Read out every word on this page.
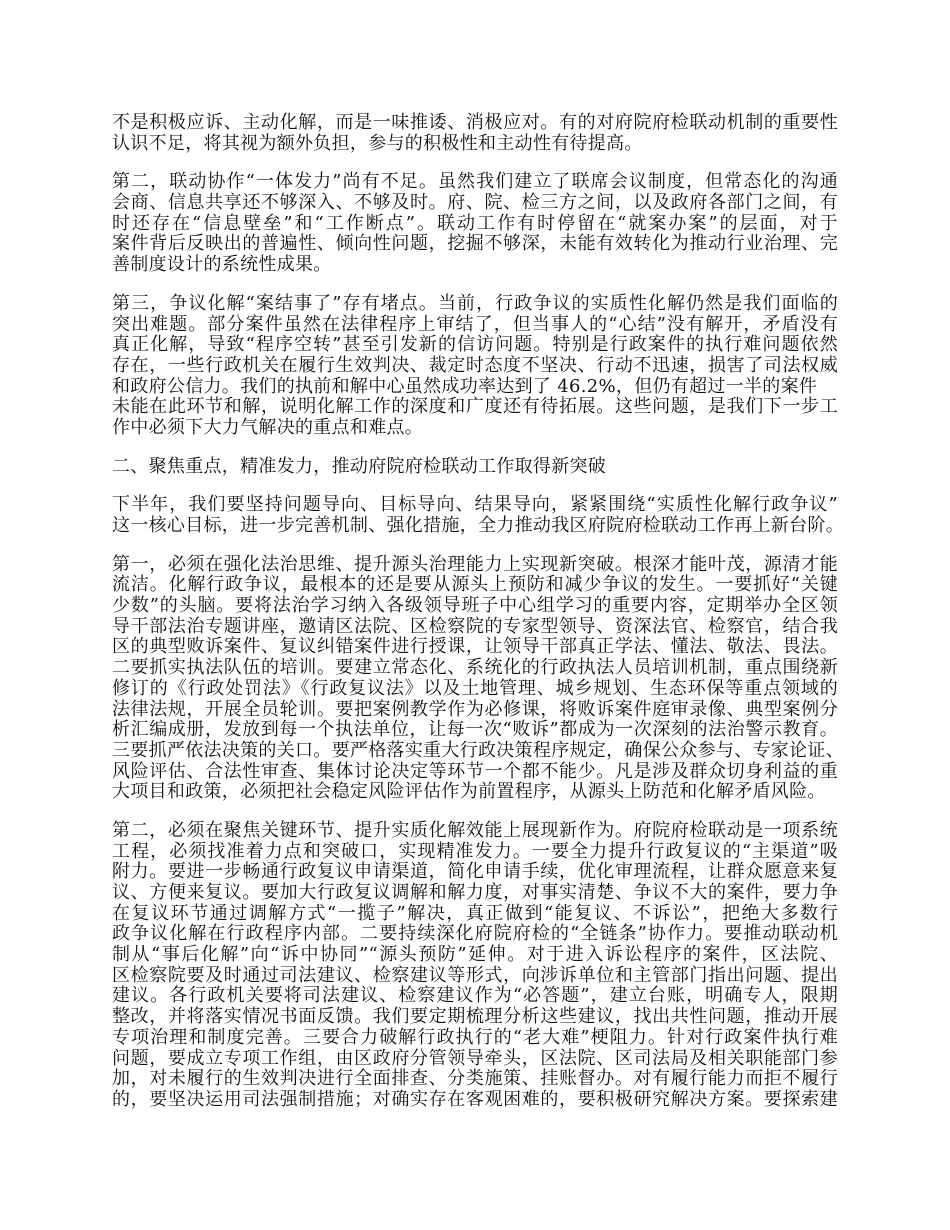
不是积极应诉、主动化解，而是一味推诿、消极应对。有的对府院府检联动机制的重要性
认识不足，将其视为额外负担，参与的积极性和主动性有待提高。
第二，联动协作“一体发力”尚有不足。虽然我们建立了联席会议制度，但常态化的沟通
会商、信息共享还不够深入、不够及时。府、院、检三方之间，以及政府各部门之间，有
时还存在“信息壁垒”和“工作断点”。联动工作有时停留在“就案办案”的层面，对于
案件背后反映出的普遍性、倾向性问题，挖掘不够深，未能有效转化为推动行业治理、完
善制度设计的系统性成果。
第三，争议化解“案结事了”存有堵点。当前，行政争议的实质性化解仍然是我们面临的
突出难题。部分案件虽然在法律程序上审结了，但当事人的“心结”没有解开，矛盾没有
真正化解，导致“程序空转”甚至引发新的信访问题。特别是行政案件的执行难问题依然
存在，一些行政机关在履行生效判决、裁定时态度不坚决、行动不迅速，损害了司法权威
和政府公信力。我们的执前和解中心虽然成功率达到了 46.2%，但仍有超过一半的案件
未能在此环节和解，说明化解工作的深度和广度还有待拓展。这些问题，是我们下一步工
作中必须下大力气解决的重点和难点。
二、聚焦重点，精准发力，推动府院府检联动工作取得新突破
下半年，我们要坚持问题导向、目标导向、结果导向，紧紧围绕“实质性化解行政争议”
这一核心目标，进一步完善机制、强化措施，全力推动我区府院府检联动工作再上新台阶。
第一，必须在强化法治思维、提升源头治理能力上实现新突破。根深才能叶茂，源清才能
流洁。化解行政争议，最根本的还是要从源头上预防和减少争议的发生。一要抓好“关键
少数”的头脑。要将法治学习纳入各级领导班子中心组学习的重要内容，定期举办全区领
导干部法治专题讲座，邀请区法院、区检察院的专家型领导、资深法官、检察官，结合我
区的典型败诉案件、复议纠错案件进行授课，让领导干部真正学法、懂法、敬法、畏法。
二要抓实执法队伍的培训。要建立常态化、系统化的行政执法人员培训机制，重点围绕新
修订的《行政处罚法》《行政复议法》以及土地管理、城乡规划、生态环保等重点领域的
法律法规，开展全员轮训。要把案例教学作为必修课，将败诉案件庭审录像、典型案例分
析汇编成册，发放到每一个执法单位，让每一次“败诉”都成为一次深刻的法治警示教育。
三要抓严依法决策的关口。要严格落实重大行政决策程序规定，确保公众参与、专家论证、
风险评估、合法性审查、集体讨论决定等环节一个都不能少。凡是涉及群众切身利益的重
大项目和政策，必须把社会稳定风险评估作为前置程序，从源头上防范和化解矛盾风险。
第二，必须在聚焦关键环节、提升实质化解效能上展现新作为。府院府检联动是一项系统
工程，必须找准着力点和突破口，实现精准发力。一要全力提升行政复议的“主渠道”吸
附力。要进一步畅通行政复议申请渠道，简化申请手续，优化审理流程，让群众愿意来复
议、方便来复议。要加大行政复议调解和解力度，对事实清楚、争议不大的案件，要力争
在复议环节通过调解方式“一揽子”解决，真正做到“能复议、不诉讼”，把绝大多数行
政争议化解在行政程序内部。二要持续深化府院府检的“全链条”协作力。要推动联动机
制从“事后化解”向“诉中协同”“源头预防”延伸。对于进入诉讼程序的案件，区法院、
区检察院要及时通过司法建议、检察建议等形式，向涉诉单位和主管部门指出问题、提出
建议。各行政机关要将司法建议、检察建议作为“必答题”，建立台账，明确专人，限期
整改，并将落实情况书面反馈。我们要定期梳理分析这些建议，找出共性问题，推动开展
专项治理和制度完善。三要合力破解行政执行的“老大难”梗阻力。针对行政案件执行难
问题，要成立专项工作组，由区政府分管领导牵头，区法院、区司法局及相关职能部门参
加，对未履行的生效判决进行全面排查、分类施策、挂账督办。对有履行能力而拒不履行
的，要坚决运用司法强制措施；对确实存在客观困难的，要积极研究解决方案。要探索建
